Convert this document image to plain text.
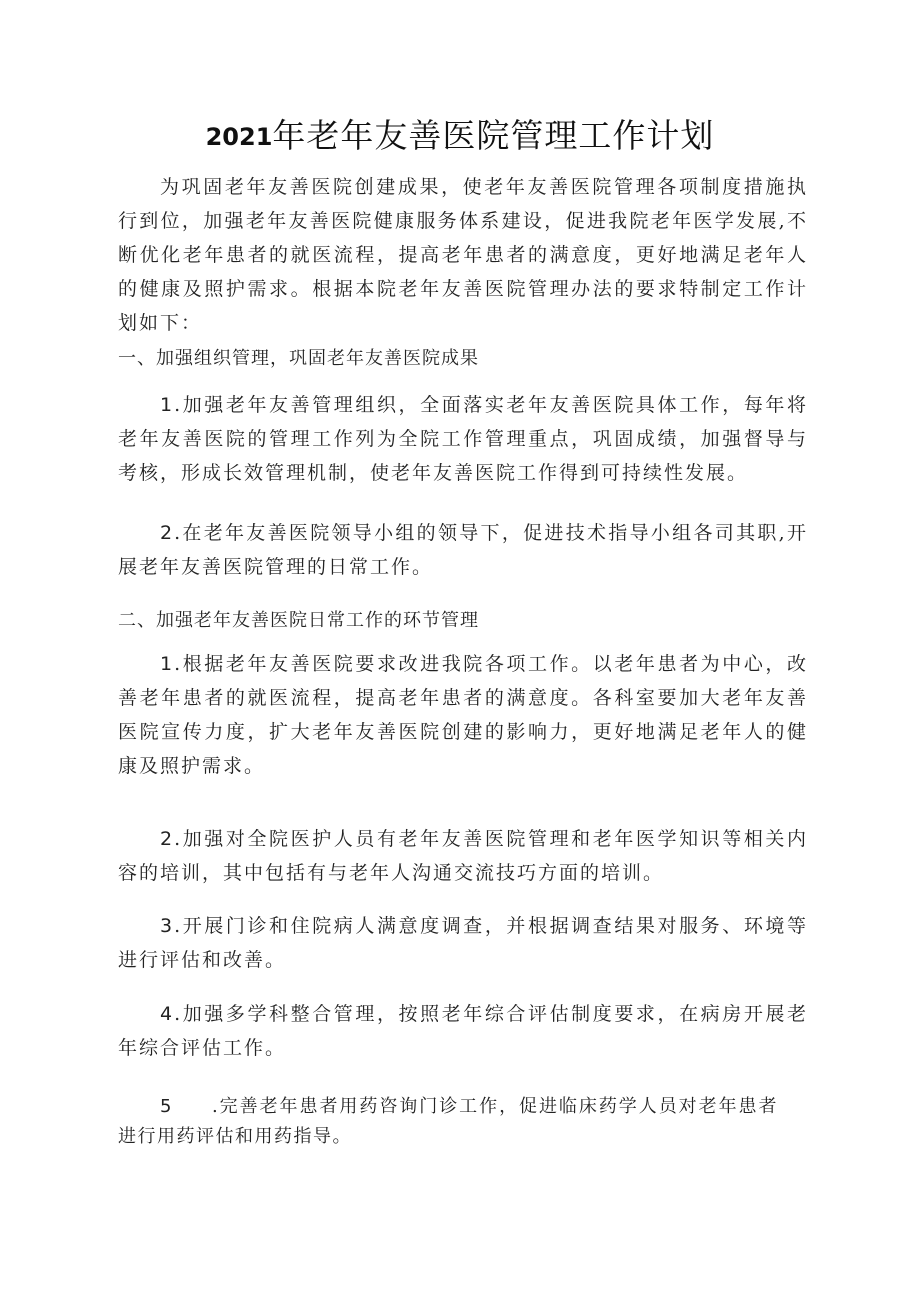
2021年老年友善医院管理工作计划

为巩固老年友善医院创建成果，使老年友善医院管理各项制度措施执行到位，加强老年友善医院健康服务体系建设，促进我院老年医学发展,不断优化老年患者的就医流程，提高老年患者的满意度，更好地满足老年人的健康及照护需求。根据本院老年友善医院管理办法的要求特制定工作计划如下：

一、加强组织管理，巩固老年友善医院成果

1.加强老年友善管理组织，全面落实老年友善医院具体工作，每年将老年友善医院的管理工作列为全院工作管理重点，巩固成绩，加强督导与考核，形成长效管理机制，使老年友善医院工作得到可持续性发展。

2.在老年友善医院领导小组的领导下，促进技术指导小组各司其职,开展老年友善医院管理的日常工作。

二、加强老年友善医院日常工作的环节管理

1.根据老年友善医院要求改进我院各项工作。以老年患者为中心，改善老年患者的就医流程，提高老年患者的满意度。各科室要加大老年友善医院宣传力度，扩大老年友善医院创建的影响力，更好地满足老年人的健康及照护需求。

2.加强对全院医护人员有老年友善医院管理和老年医学知识等相关内容的培训，其中包括有与老年人沟通交流技巧方面的培训。

3.开展门诊和住院病人满意度调查，并根据调查结果对服务、环境等进行评估和改善。

4.加强多学科整合管理，按照老年综合评估制度要求，在病房开展老年综合评估工作。

5 .完善老年患者用药咨询门诊工作，促进临床药学人员对老年患者进行用药评估和用药指导。
